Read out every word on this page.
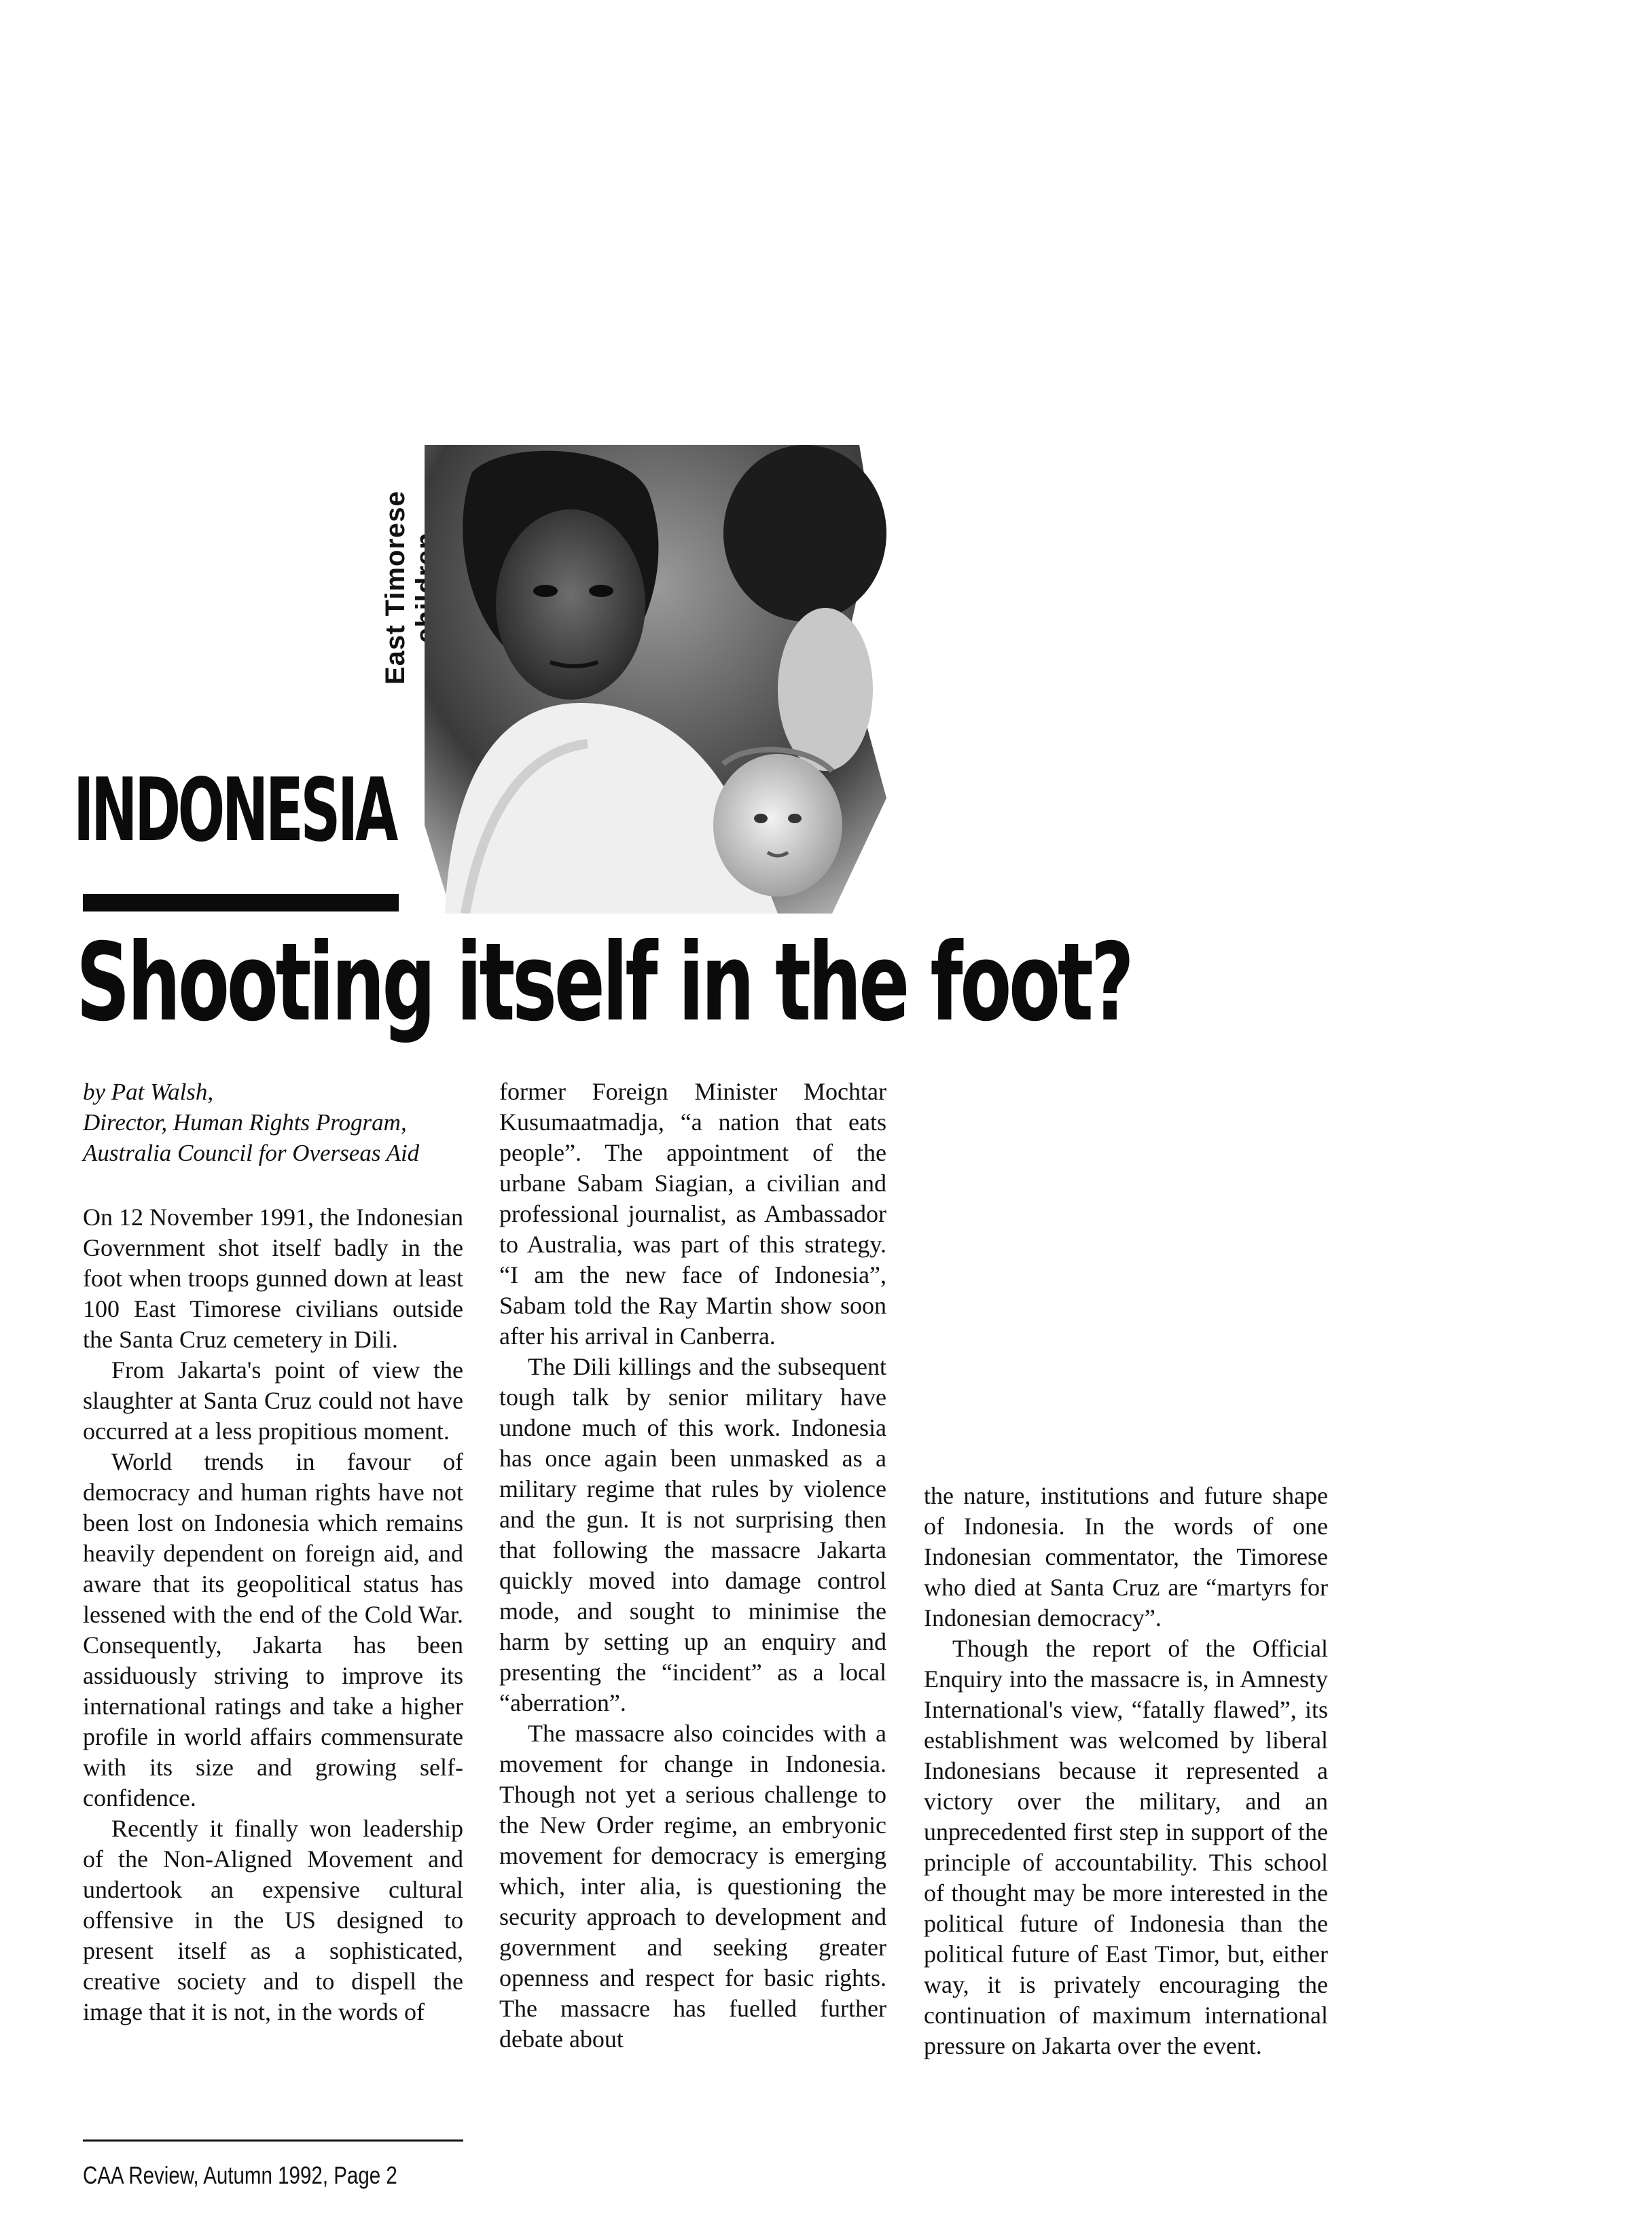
East Timorese
INDONESIA
Shooting itself in the foot?
by Pat Walsh,
Director, Human Rights Program,
Australia Council for Overseas Aid

On 12 November 1991, the Indonesian Government shot itself badly in the foot when troops gunned down at least 100 East Timorese civilians outside the Santa Cruz cemetery in Dili.

From Jakarta's point of view the slaughter at Santa Cruz could not have occurred at a less propitious moment.

World trends in favour of democracy and human rights have not been lost on Indonesia which remains heavily dependent on foreign aid, and aware that its geopolitical status has lessened with the end of the Cold War. Consequently, Jakarta has been assiduously striving to improve its international ratings and take a higher profile in world affairs commensurate with its size and growing self-confidence.

Recently it finally won leadership of the Non-Aligned Movement and undertook an expensive cultural offensive in the US designed to present itself as a sophisticated, creative society and to dispell the image that it is not, in the words of

former Foreign Minister Mochtar Kusumaatmadja, “a nation that eats people”. The appointment of the urbane Sabam Siagian, a civilian and professional journalist, as Ambassador to Australia, was part of this strategy. “I am the new face of Indonesia”, Sabam told the Ray Martin show soon after his arrival in Canberra.

The Dili killings and the subsequent tough talk by senior military have undone much of this work. Indonesia has once again been unmasked as a military regime that rules by violence and the gun. It is not surprising then that following the massacre Jakarta quickly moved into damage control mode, and sought to minimise the harm by setting up an enquiry and presenting the “incident” as a local “aberration”.

The massacre also coincides with a movement for change in Indonesia. Though not yet a serious challenge to the New Order regime, an embryonic movement for democracy is emerging which, inter alia, is questioning the security approach to development and government and seeking greater openness and respect for basic rights. The massacre has fuelled further debate about

the nature, institutions and future shape of Indonesia. In the words of one Indonesian commentator, the Timorese who died at Santa Cruz are “martyrs for Indonesian democracy”.

Though the report of the Official Enquiry into the massacre is, in Amnesty International's view, “fatally flawed”, its establishment was welcomed by liberal Indonesians because it represented a victory over the military, and an unprecedented first step in support of the principle of accountability. This school of thought may be more interested in the political future of Indonesia than the political future of East Timor, but, either way, it is privately encouraging the continuation of maximum international pressure on Jakarta over the event.

CAA Review, Autumn 1992, Page 2
